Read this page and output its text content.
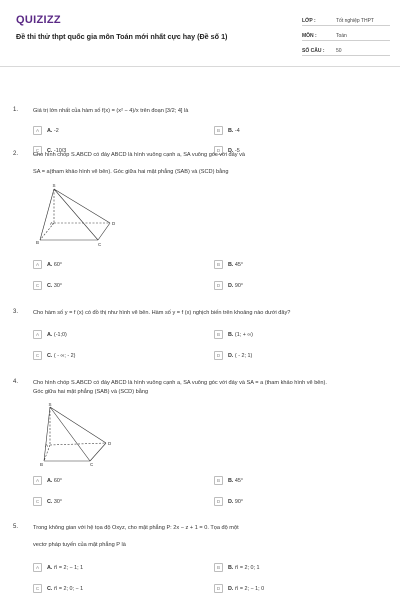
QUIZIZZ
Đề thi thử thpt quốc gia môn Toán mới nhất cực hay (Đề số 1)
LỚP :	Tốt nghiệp THPT
MÔN :	Toán
SỐ CÂU :	50
1.	Giá trị lớn nhất của hàm số f(x) = (x² − 4)/x trên đoạn [3/2; 4] là
A	A. -2	B	B. -4
C	C. -10/3	D	D. -5
2.	Cho hình chóp S.ABCD có đáy ABCD là hình vuông cạnh a, SA vuông góc với đáy và
SA = a(tham khảo hình vẽ bên). Góc giữa hai mặt phẳng (SAB) và (SCD) bằng
S
A
B	C
D
A	A. 60°	B	B. 45°
C	C. 30°	D	D. 90°
3.	Cho hàm số y = f (x) có đồ thị như hình vẽ bên. Hàm số y = f (x) nghịch biến trên khoảng nào dưới đây?
A	A. (-1;0)	B	B. (1; + ∞)
C	C. ( - ∞; - 2)	D	D. ( - 2; 1)
4.	Cho hình chóp S.ABCD có đáy ABCD là hình vuông cạnh a, SA vuông góc với đáy và SA = a (tham khảo hình vẽ bên).
Góc giữa hai mặt phẳng (SAB) và (SCD) bằng
S
A
B	C
D
A	A. 60°	B	B. 45°
C	C. 30°	D	D. 90°
5.	Trong không gian với hệ tọa độ Oxyz, cho mặt phẳng P: 2x − z + 1 = 0. Tọa độ một
vectơ pháp tuyến của mặt phẳng P là
A	A. n⃗ = 2; − 1; 1	B	B. n⃗ = 2; 0; 1
C	C. n⃗ = 2; 0; − 1	D	D. n⃗ = 2; − 1; 0
